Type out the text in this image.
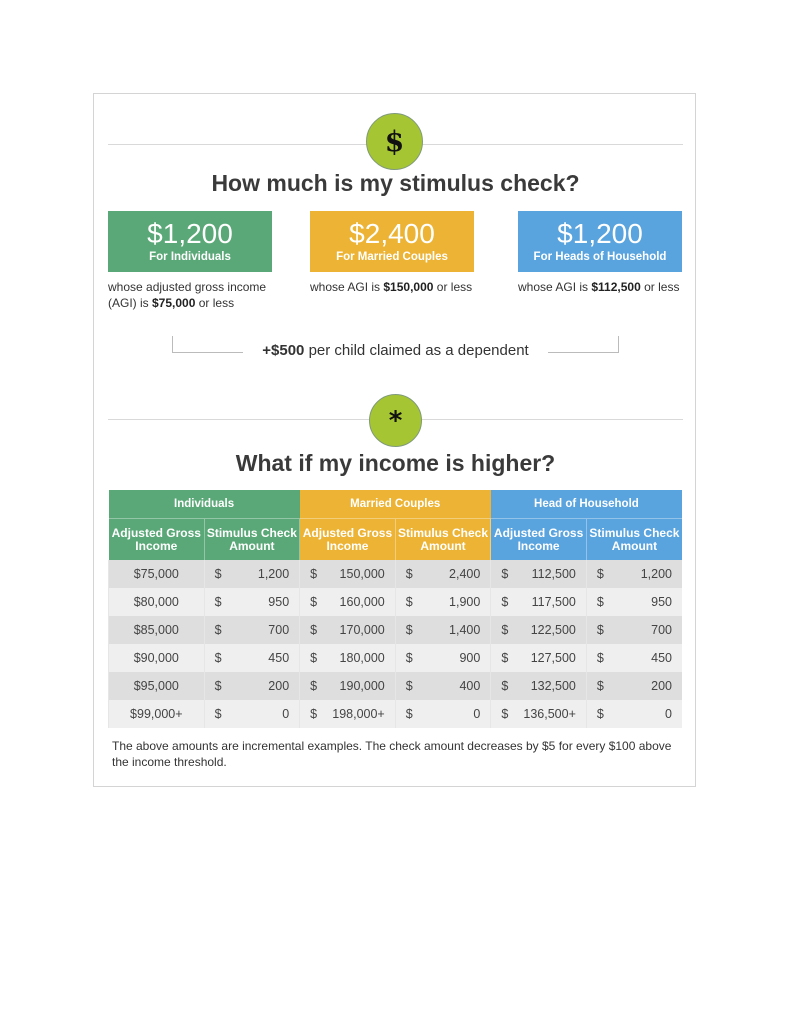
$
How much is my stimulus check?
$1,200
For Individuals
$2,400
For Married Couples
$1,200
For Heads of Household
whose adjusted gross income (AGI) is $75,000 or less
whose AGI is $150,000 or less	whose AGI is $112,500 or less
+$500 per child claimed as a dependent
*
What if my income is higher?
Individuals		Married Couples		Head of Household	
Adjusted Gross Income	Stimulus Check Amount	Adjusted Gross Income	Stimulus Check Amount	Adjusted Gross Income	Stimulus Check Amount

$75,000	$ 1,200	$ 150,000	$ 2,400	$ 112,500	$ 1,200

$80,000	$ 950	$ 160,000	$ 1,900	$ 117,500	$ 950

$85,000	$ 700	$ 170,000	$ 1,400	$ 122,500	$ 700

$90,000	$ 450	$ 180,000	$ 900	$ 127,500	$ 450

$95,000	$ 200	$ 190,000	$ 400	$ 132,500	$ 200

$99,000+	$ 0	$ 198,000+	$ 0	$ 136,500+	$ 0
The above amounts are incremental examples. The check amount decreases by $5 for every $100 above the income threshold.
